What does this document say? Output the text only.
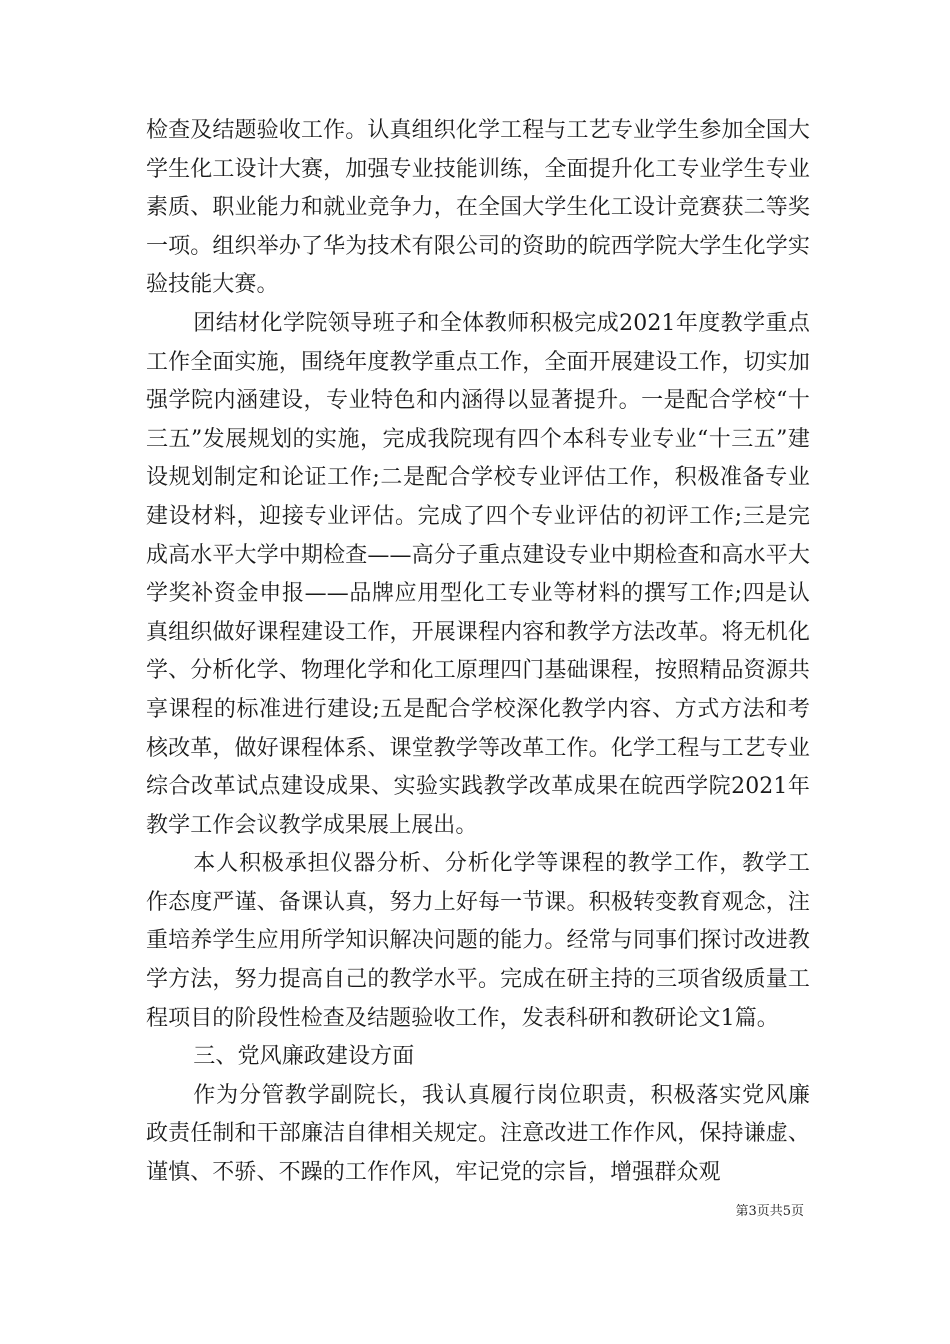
检查及结题验收工作。认真组织化学工程与工艺专业学生参加全国大学生化工设计大赛，加强专业技能训练，全面提升化工专业学生专业素质、职业能力和就业竞争力，在全国大学生化工设计竞赛获二等奖一项。组织举办了华为技术有限公司的资助的皖西学院大学生化学实验技能大赛。

团结材化学院领导班子和全体教师积极完成2021年度教学重点工作全面实施，围绕年度教学重点工作，全面开展建设工作，切实加强学院内涵建设，专业特色和内涵得以显著提升。一是配合学校“十三五”发展规划的实施，完成我院现有四个本科专业专业“十三五”建设规划制定和论证工作;二是配合学校专业评估工作，积极准备专业建设材料，迎接专业评估。完成了四个专业评估的初评工作;三是完成高水平大学中期检查——高分子重点建设专业中期检查和高水平大学奖补资金申报——品牌应用型化工专业等材料的撰写工作;四是认真组织做好课程建设工作，开展课程内容和教学方法改革。将无机化学、分析化学、物理化学和化工原理四门基础课程，按照精品资源共享课程的标准进行建设;五是配合学校深化教学内容、方式方法和考核改革，做好课程体系、课堂教学等改革工作。化学工程与工艺专业综合改革试点建设成果、实验实践教学改革成果在皖西学院2021年教学工作会议教学成果展上展出。

本人积极承担仪器分析、分析化学等课程的教学工作，教学工作态度严谨、备课认真，努力上好每一节课。积极转变教育观念，注重培养学生应用所学知识解决问题的能力。经常与同事们探讨改进教学方法，努力提高自己的教学水平。完成在研主持的三项省级质量工程项目的阶段性检查及结题验收工作，发表科研和教研论文1篇。

三、党风廉政建设方面

作为分管教学副院长，我认真履行岗位职责，积极落实党风廉政责任制和干部廉洁自律相关规定。注意改进工作作风，保持谦虚、谨慎、不骄、不躁的工作作风，牢记党的宗旨，增强群众观

第3页共5页
